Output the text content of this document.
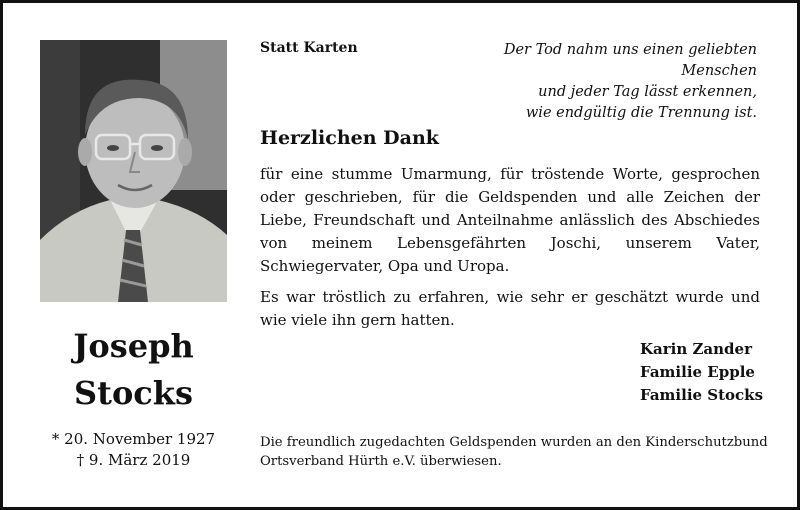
Joseph
Stocks
* 20. November 1927
† 9. März 2019
Statt Karten	Der Tod nahm uns einen geliebten Menschen
und jeder Tag lässt erkennen,
wie endgültig die Trennung ist.
Herzlichen Dank

für eine stumme Umarmung, für tröstende Worte, gesprochen oder geschrieben, für die Geldspenden und alle Zeichen der Liebe, Freundschaft und Anteilnahme anlässlich des Abschiedes von meinem Lebensgefährten Joschi, unserem Vater, Schwiegervater, Opa und Uropa.

Es war tröstlich zu erfahren, wie sehr er geschätzt wurde und wie viele ihn gern hatten.

Karin Zander
Familie Epple
Familie Stocks
Die freundlich zugedachten Geldspenden wurden an den Kinderschutzbund Ortsverband Hürth e.V. überwiesen.
